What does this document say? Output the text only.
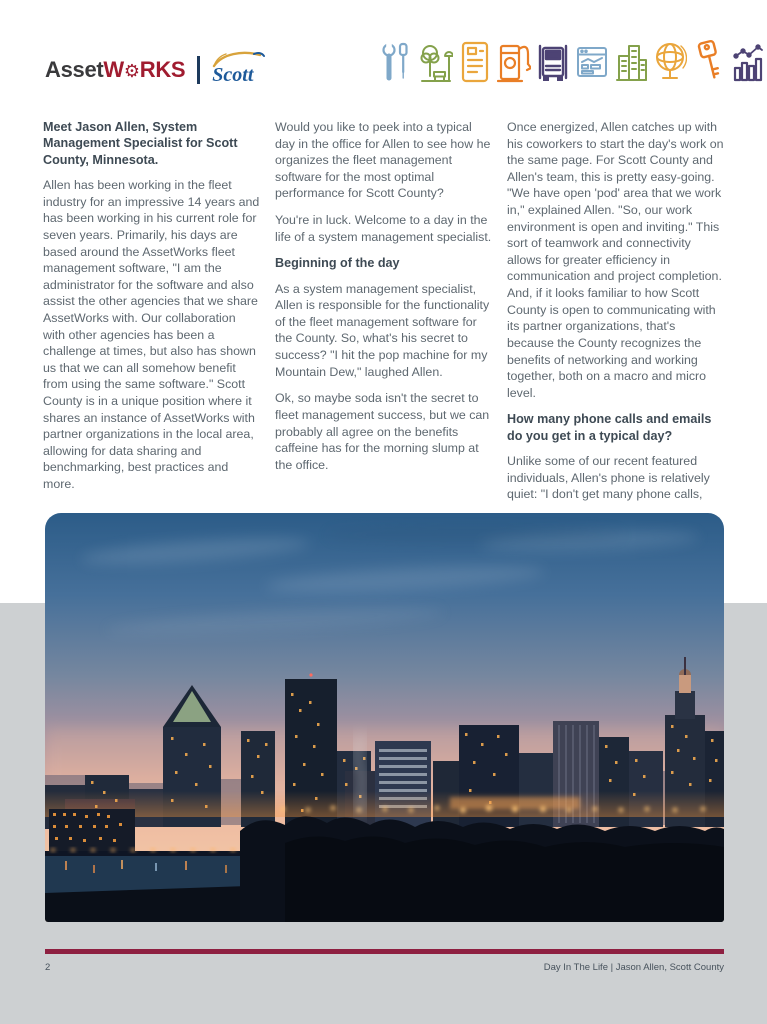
Asset W ⚙ RKS Scott
Meet Jason Allen, System Management Specialist for Scott County, Minnesota.
Allen has been working in the fleet industry for an impressive 14 years and has been working in his current role for seven years. Primarily, his days are based around the AssetWorks fleet management software, "I am the administrator for the software and also assist the other agencies that we share AssetWorks with. Our collaboration with other agencies has been a challenge at times, but also has shown us that we can all somehow benefit from using the same software." Scott County is in a unique position where it shares an instance of AssetWorks with partner organizations in the local area, allowing for data sharing and benchmarking, best practices and more.
Would you like to peek into a typical day in the office for Allen to see how he organizes the fleet management software for the most optimal performance for Scott County?
You're in luck. Welcome to a day in the life of a system management specialist.
Beginning of the day
As a system management specialist, Allen is responsible for the functionality of the fleet management software for the County. So, what's his secret to success? "I hit the pop machine for my Mountain Dew," laughed Allen.
Ok, so maybe soda isn't the secret to fleet management success, but we can probably all agree on the benefits caffeine has for the morning slump at the office.
Once energized, Allen catches up with his coworkers to start the day's work on the same page. For Scott County and Allen's team, this is pretty easy-going. "We have open 'pod' area that we work in," explained Allen. "So, our work environment is open and inviting." This sort of teamwork and connectivity allows for greater efficiency in communication and project completion. And, if it looks familiar to how Scott County is open to communicating with its partner organizations, that's because the County recognizes the benefits of networking and working together, both on a macro and micro level.
How many phone calls and emails do you get in a typical day?
Unlike some of our recent featured individuals, Allen's phone is relatively quiet: "I don't get many phone calls,
2	Day In The Life | Jason Allen, Scott County
